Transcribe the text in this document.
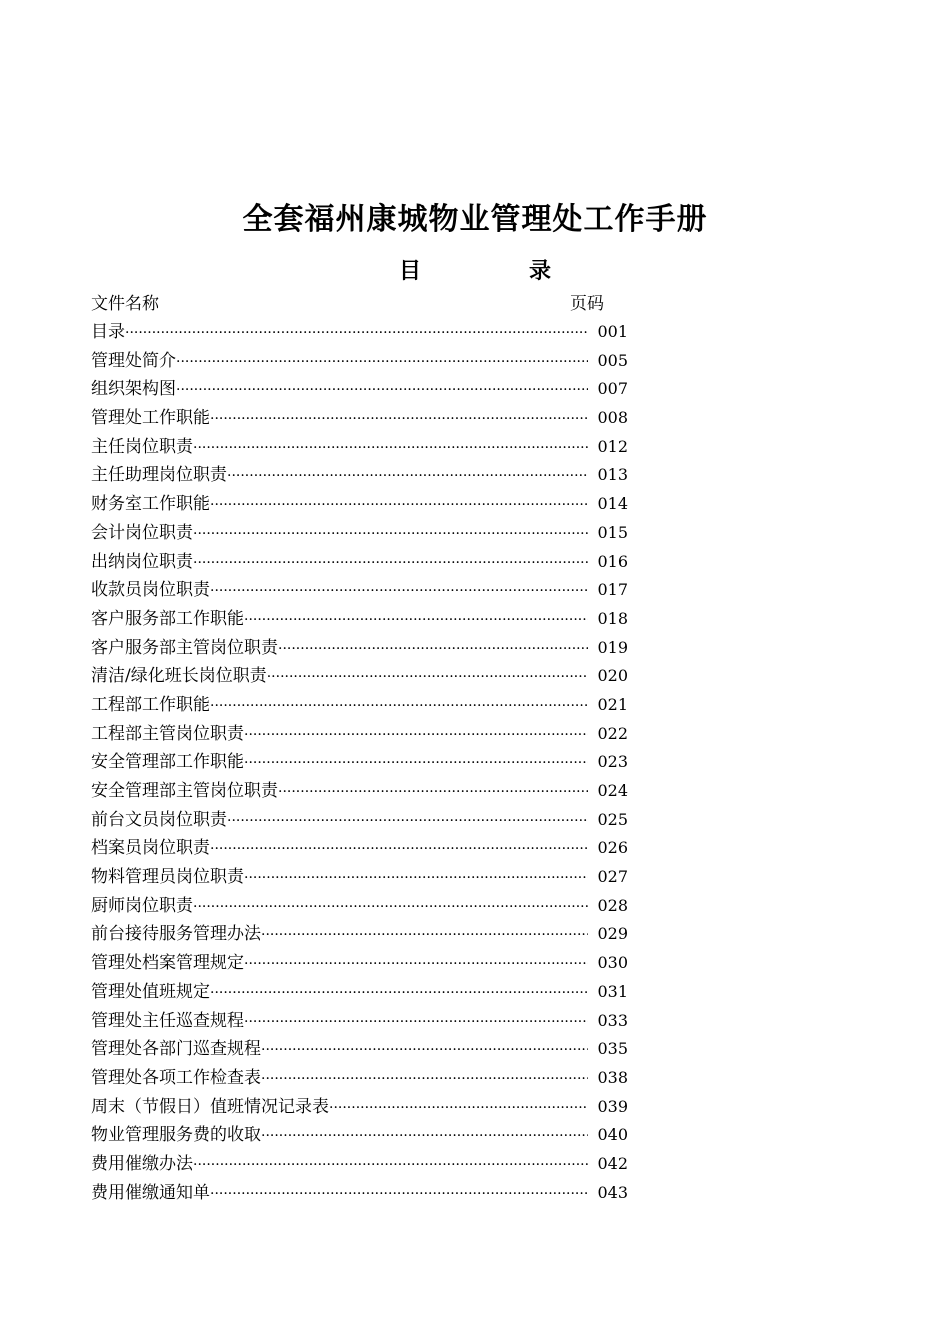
全套福州康城物业管理处工作手册
目	录
文件名称	页码
目录 ·····	001
管理处简介 ·····	005
组织架构图 ·····	007
管理处工作职能 ·····	008
主任岗位职责 ·····	012
主任助理岗位职责 ·····	013
财务室工作职能 ·····	014
会计岗位职责 ·····	015
出纳岗位职责 ·····	016
收款员岗位职责 ·····	017
客户服务部工作职能 ·····	018
客户服务部主管岗位职责 ·····	019
清洁/绿化班长岗位职责 ·····	020
工程部工作职能 ·····	021
工程部主管岗位职责 ·····	022
安全管理部工作职能 ·····	023
安全管理部主管岗位职责 ·····	024
前台文员岗位职责 ·····	025
档案员岗位职责 ·····	026
物料管理员岗位职责 ·····	027
厨师岗位职责 ·····	028
前台接待服务管理办法 ·····	029
管理处档案管理规定 ·····	030
管理处值班规定 ·····	031
管理处主任巡查规程 ·····	033
管理处各部门巡查规程 ·····	035
管理处各项工作检查表 ·····	038
周末（节假日）值班情况记录表 ·····	039
物业管理服务费的收取 ·····	040
费用催缴办法 ·····	042
费用催缴通知单 ·····	043
